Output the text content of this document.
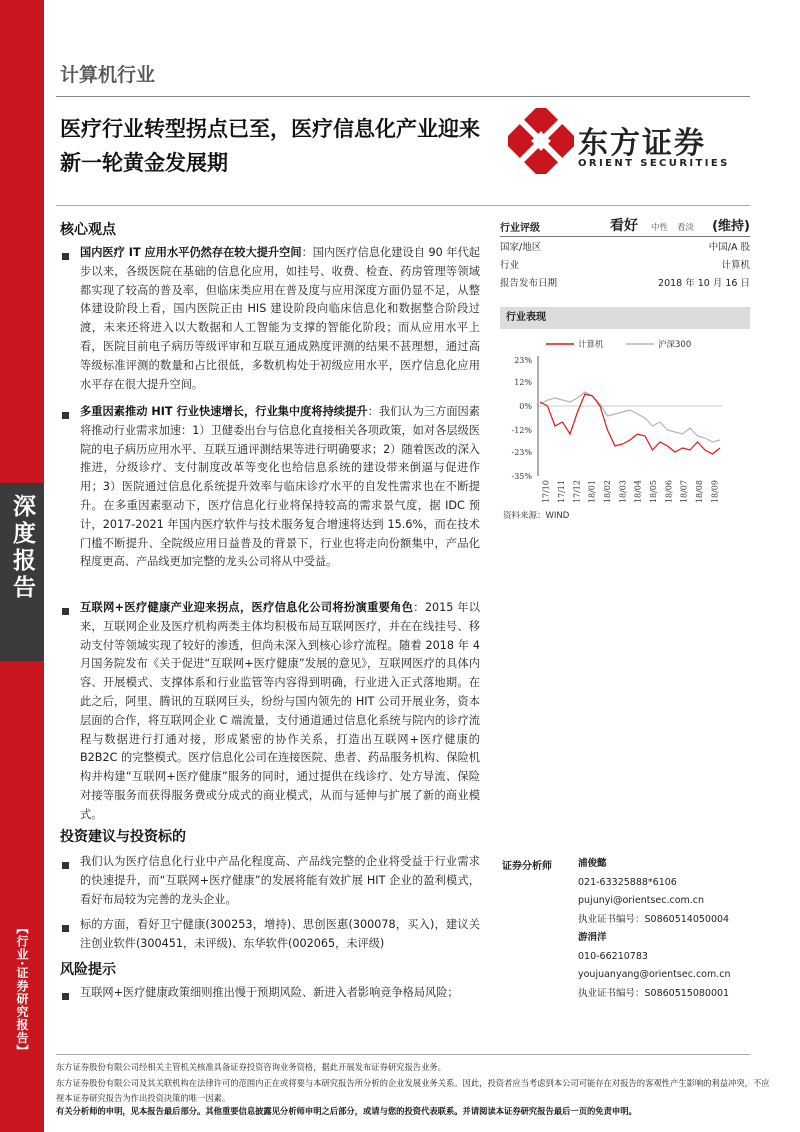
深度报告
【行业·证券研究报告】
计算机行业
医疗行业转型拐点已至，医疗信息化产业迎来新一轮黄金发展期
东方证券
ORIENT SECURITIES
核心观点
国内医疗 IT 应用水平仍然存在较大提升空间：国内医疗信息化建设自 90 年代起步以来，各级医院在基础的信息化应用，如挂号、收费、检查、药房管理等领域都实现了较高的普及率，但临床类应用在普及度与应用深度方面仍显不足，从整体建设阶段上看，国内医院正由 HIS 建设阶段向临床信息化和数据整合阶段过渡，未来还将进入以大数据和人工智能为支撑的智能化阶段；而从应用水平上看，医院目前电子病历等级评审和互联互通成熟度评测的结果不甚理想，通过高等级标准评测的数量和占比很低，多数机构处于初级应用水平，医疗信息化应用水平存在很大提升空间。
多重因素推动 HIT 行业快速增长，行业集中度将持续提升：我们认为三方面因素将推动行业需求加速：1）卫健委出台与信息化直接相关各项政策，如对各层级医院的电子病历应用水平、互联互通评测结果等进行明确要求；2）随着医改的深入推进，分级诊疗、支付制度改革等变化也给信息系统的建设带来倒逼与促进作用；3）医院通过信息化系统提升效率与临床诊疗水平的自发性需求也在不断提升。在多重因素驱动下，医疗信息化行业将保持较高的需求景气度，据 IDC 预计，2017-2021 年国内医疗软件与技术服务复合增速将达到 15.6%，而在技术门槛不断提升、全院级应用日益普及的背景下，行业也将走向份额集中，产品化程度更高、产品线更加完整的龙头公司将从中受益。
互联网+医疗健康产业迎来拐点，医疗信息化公司将扮演重要角色：2015 年以来，互联网企业及医疗机构两类主体均积极布局互联网医疗，并在在线挂号、移动支付等领域实现了较好的渗透，但尚未深入到核心诊疗流程。随着 2018 年 4 月国务院发布《关于促进“互联网+医疗健康”发展的意见》，互联网医疗的具体内容、开展模式、支撑体系和行业监管等内容得到明确，行业进入正式落地期。在此之后，阿里、腾讯的互联网巨头，纷纷与国内领先的 HIT 公司开展业务，资本层面的合作，将互联网企业 C 端流量，支付通道通过信息化系统与院内的诊疗流程与数据进行打通对接，形成紧密的协作关系，打造出互联网+医疗健康的 B2B2C 的完整模式。医疗信息化公司在连接医院、患者、药品服务机构、保险机构并构建“互联网+医疗健康”服务的同时，通过提供在线诊疗、处方导流、保险对接等服务而获得服务费或分成式的商业模式，从而与延伸与扩展了新的商业模式。
投资建议与投资标的
我们认为医疗信息化行业中产品化程度高、产品线完整的企业将受益于行业需求的快速提升，而“互联网+医疗健康”的发展将能有效扩展 HIT 企业的盈利模式，看好布局较为完善的龙头企业。
标的方面，看好卫宁健康(300253，增持)、思创医惠(300078，买入)，建议关注创业软件(300451，未评级)、东华软件(002065，未评级)
风险提示
互联网+医疗健康政策细则推出慢于预期风险、新进入者影响竞争格局风险；
行业评级	看好 中性 看淡 (维持)
国家/地区	中国/A 股
行业	计算机
报告发布日期	2018 年 10 月 16 日
行业表现
23%
12%
0%
-12%
-23%
-35%
17/10 17/11 17/12 18/01 18/02 18/03 18/04 18/05 18/06 18/07 18/08 18/09
计算机	沪深300
资料来源：WIND
证券分析师	浦俊懿
021-63325888*6106
pujunyi@orientsec.com.cn
执业证书编号：S0860514050004
游涓洋
010-66210783
youjuanyang@orientsec.com.cn
执业证书编号：S0860515080001
东方证券股份有限公司经相关主管机关核准具备证券投资咨询业务资格，据此开展发布证券研究报告业务。
东方证券股份有限公司及其关联机构在法律许可的范围内正在或将要与本研究报告所分析的企业发展业务关系。因此，投资者应当考虑到本公司可能存在对报告的客观性产生影响的利益冲突，不应视本证券研究报告为作出投资决策的唯一因素。
有关分析师的申明，见本报告最后部分。其他重要信息披露见分析师申明之后部分，或请与您的投资代表联系。并请阅读本证券研究报告最后一页的免责申明。
